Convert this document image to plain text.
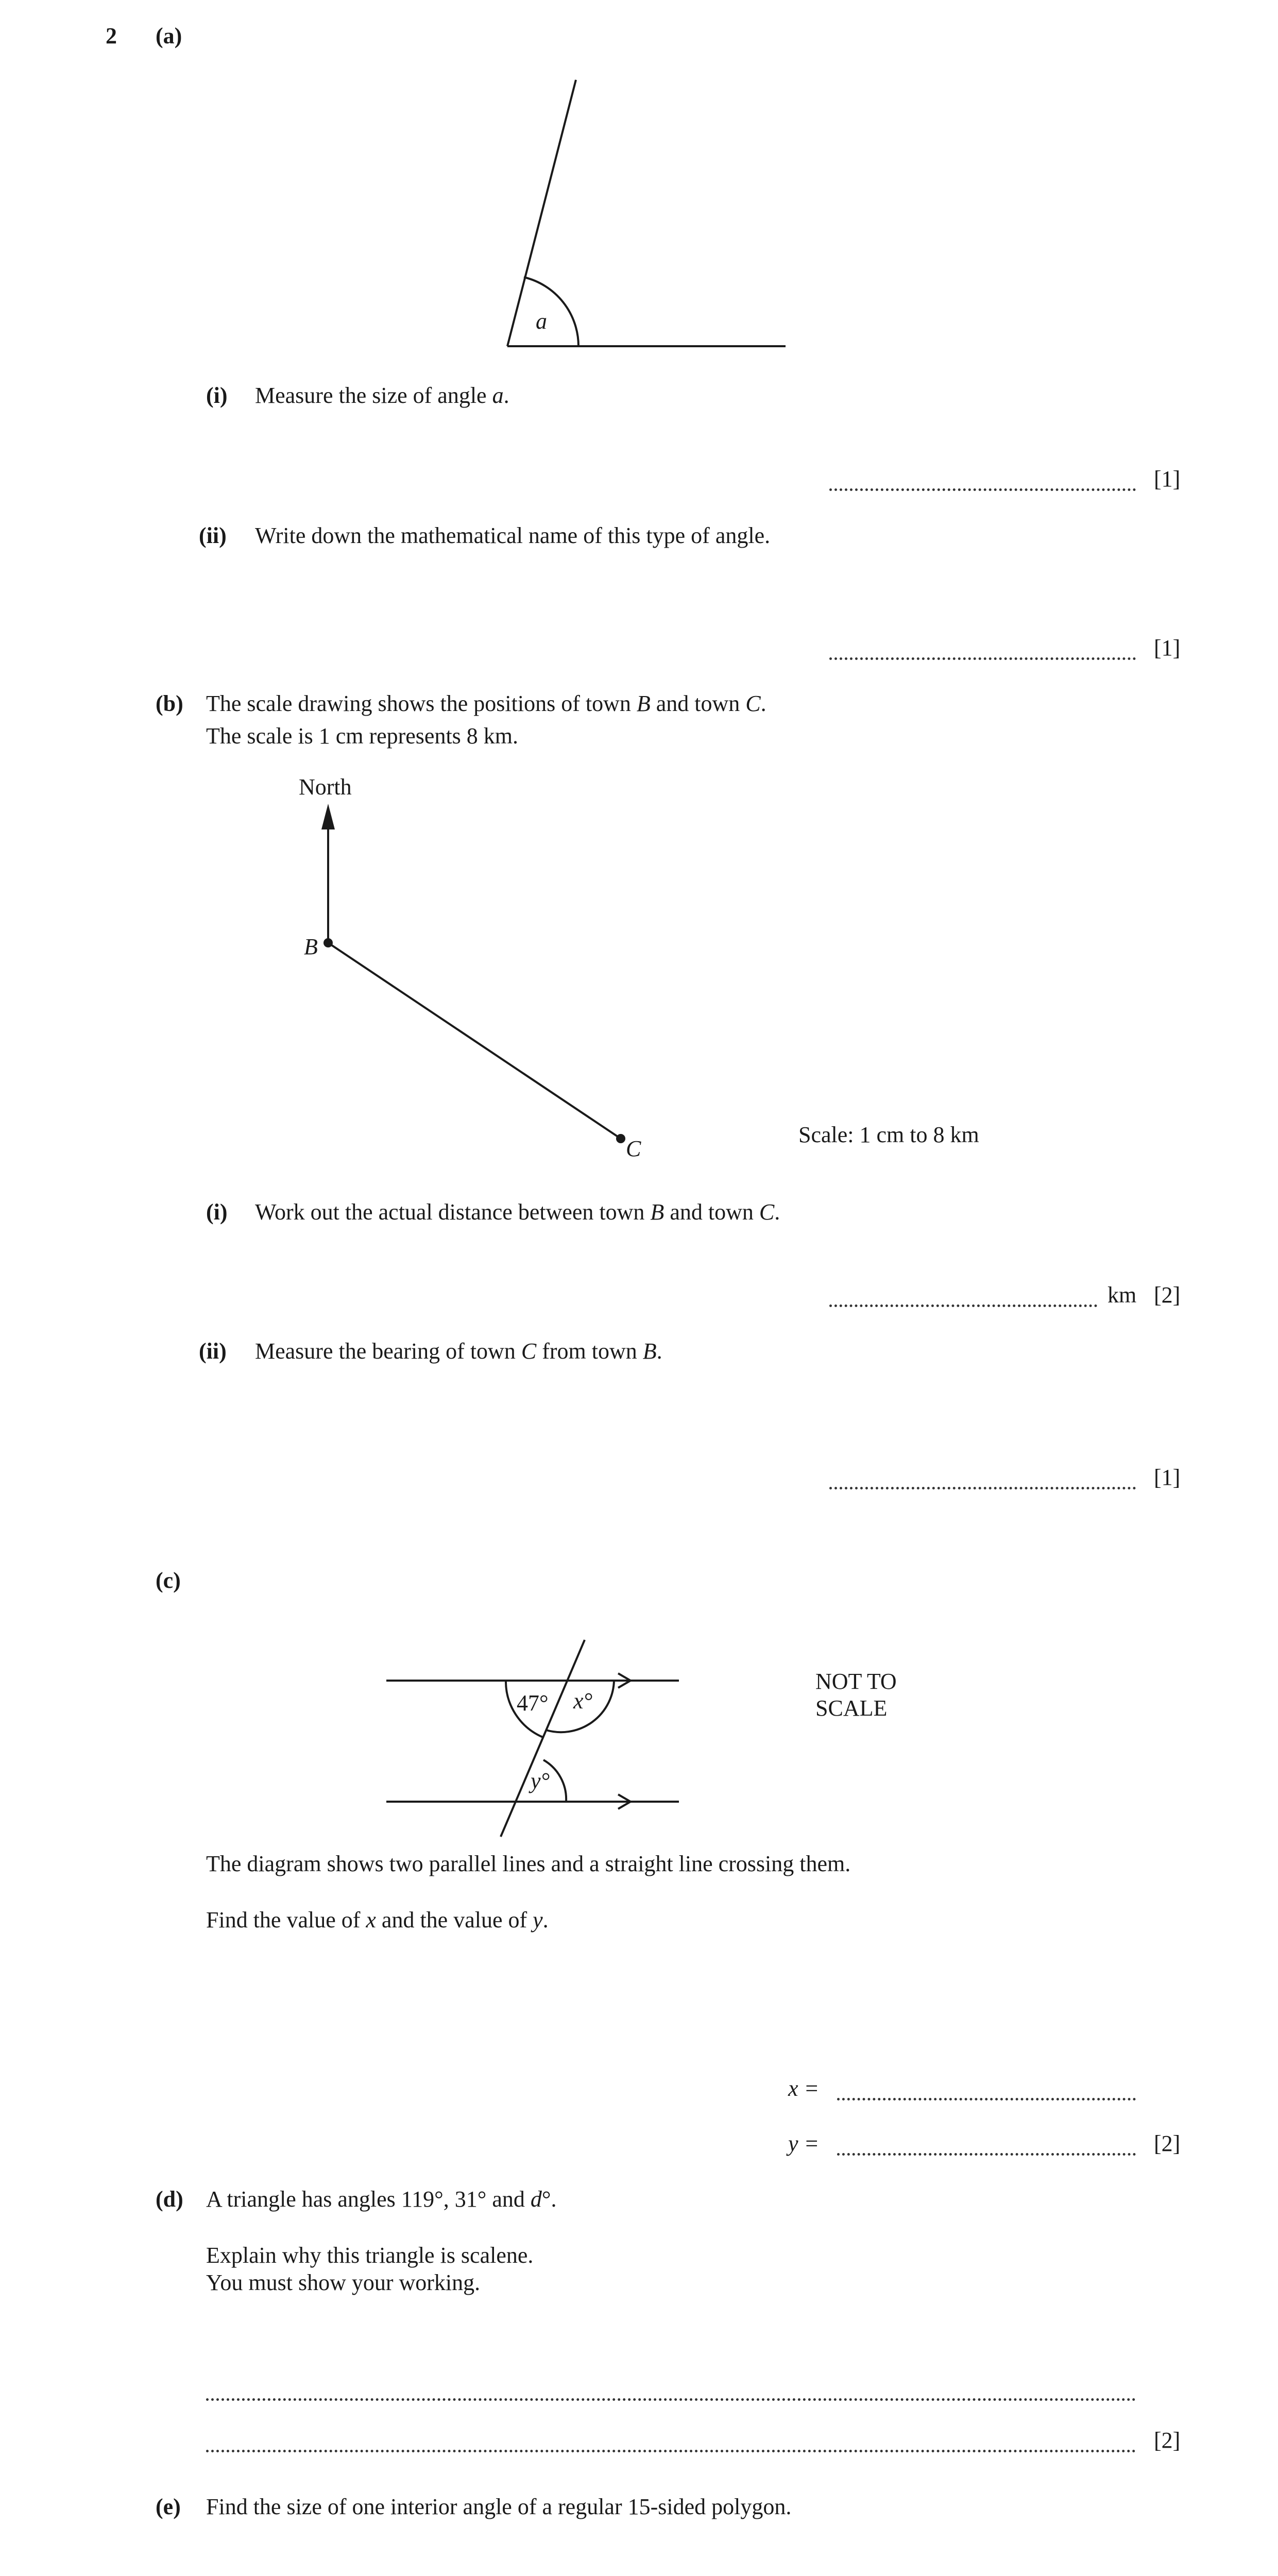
2 (a)
a
North
B
C
47° x°
y°
(i) Measure the size of angle a.
[1]
(ii) Write down the mathematical name of this type of angle.
[1]
(b) The scale drawing shows the positions of town B and town C.
The scale is 1 cm represents 8 km.
Scale: 1 cm to 8 km
(i) Work out the actual distance between town B and town C.
km [2]
(ii) Measure the bearing of town C from town B.
[1]
(c)
NOT TO
SCALE
The diagram shows two parallel lines and a straight line crossing them.
Find the value of x and the value of y.
x =
y =	[2]
(d) A triangle has angles 119°, 31° and d°.
Explain why this triangle is scalene.
You must show your working.
[2]
(e) Find the size of one interior angle of a regular 15-sided polygon.
